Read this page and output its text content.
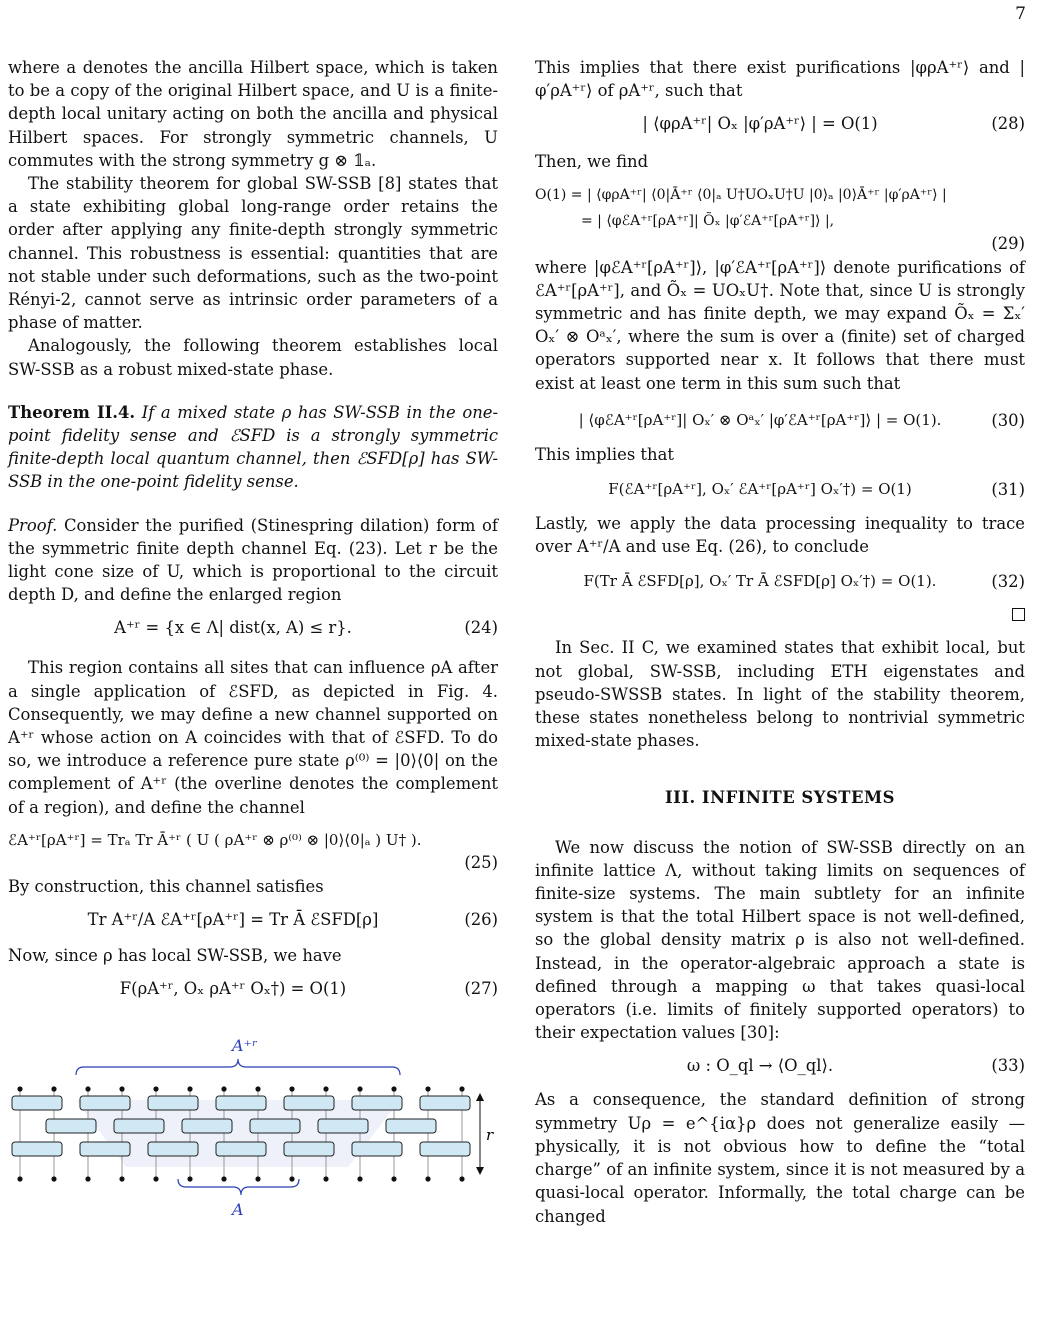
7

where a denotes the ancilla Hilbert space, which is taken to be a copy of the original Hilbert space, and U is a finite-depth local unitary acting on both the ancilla and physical Hilbert spaces. For strongly symmetric channels, U commutes with the strong symmetry g ⊗ 𝟙ₐ.

The stability theorem for global SW-SSB [8] states that a state exhibiting global long-range order retains the order after applying any finite-depth strongly symmetric channel. This robustness is essential: quantities that are not stable under such deformations, such as the two-point Rényi-2, cannot serve as intrinsic order parameters of a phase of matter.

Analogously, the following theorem establishes local SW-SSB as a robust mixed-state phase.

Theorem II.4. If a mixed state ρ has SW-SSB in the one-point fidelity sense and ℰSFD is a strongly symmetric finite-depth local quantum channel, then ℰSFD[ρ] has SW-SSB in the one-point fidelity sense.

Proof. Consider the purified (Stinespring dilation) form of the symmetric finite depth channel Eq. (23). Let r be the light cone size of U, which is proportional to the circuit depth D, and define the enlarged region

A⁺ʳ = {x ∈ Λ| dist(x, A) ≤ r}.	(24)

This region contains all sites that can influence ρA after a single application of ℰSFD, as depicted in Fig. 4. Consequently, we may define a new channel supported on A⁺ʳ whose action on A coincides with that of ℰSFD. To do so, we introduce a reference pure state ρ⁽⁰⁾ = |0⟩⟨0| on the complement of A⁺ʳ (the overline denotes the complement of a region), and define the channel

ℰA⁺ʳ[ρA⁺ʳ] = Trₐ Tr Ā⁺ʳ ( U ( ρA⁺ʳ ⊗ ρ⁽⁰⁾ ⊗ |0⟩⟨0|ₐ ) U† ).
(25)

By construction, this channel satisfies

Tr A⁺ʳ/A ℰA⁺ʳ[ρA⁺ʳ] = Tr Ā ℰSFD[ρ]	(26)

Now, since ρ has local SW-SSB, we have

F(ρA⁺ʳ, Oₓ ρA⁺ʳ Oₓ†) = O(1)	(27)
A⁺ʳ
A
r

This implies that there exist purifications |φρA⁺ʳ⟩ and |φ′ρA⁺ʳ⟩ of ρA⁺ʳ, such that

| ⟨φρA⁺ʳ| Oₓ |φ′ρA⁺ʳ⟩ | = O(1)	(28)

Then, we find

O(1) = | ⟨φρA⁺ʳ| ⟨0|Ā⁺ʳ ⟨0|ₐ U†UOₓU†U |0⟩ₐ |0⟩Ā⁺ʳ |φ′ρA⁺ʳ⟩ |
= | ⟨φℰA⁺ʳ[ρA⁺ʳ]| Õₓ |φ′ℰA⁺ʳ[ρA⁺ʳ]⟩ |,
(29)

where |φℰA⁺ʳ[ρA⁺ʳ]⟩, |φ′ℰA⁺ʳ[ρA⁺ʳ]⟩ denote purifications of ℰA⁺ʳ[ρA⁺ʳ], and Õₓ = UOₓU†. Note that, since U is strongly symmetric and has finite depth, we may expand Õₓ = Σₓ′ Oₓ′ ⊗ Oᵃₓ′, where the sum is over a (finite) set of charged operators supported near x. It follows that there must exist at least one term in this sum such that

| ⟨φℰA⁺ʳ[ρA⁺ʳ]| Oₓ′ ⊗ Oᵃₓ′ |φ′ℰA⁺ʳ[ρA⁺ʳ]⟩ | = O(1).	(30)

This implies that

F(ℰA⁺ʳ[ρA⁺ʳ], Oₓ′ ℰA⁺ʳ[ρA⁺ʳ] Oₓ′†) = O(1)	(31)

Lastly, we apply the data processing inequality to trace over A⁺ʳ/A and use Eq. (26), to conclude

F(Tr Ā ℰSFD[ρ], Oₓ′ Tr Ā ℰSFD[ρ] Oₓ′†) = O(1).	(32)

In Sec. II C, we examined states that exhibit local, but not global, SW-SSB, including ETH eigenstates and pseudo-SWSSB states. In light of the stability theorem, these states nonetheless belong to nontrivial symmetric mixed-state phases.

III. INFINITE SYSTEMS

We now discuss the notion of SW-SSB directly on an infinite lattice Λ, without taking limits on sequences of finite-size systems. The main subtlety for an infinite system is that the total Hilbert space is not well-defined, so the global density matrix ρ is also not well-defined. Instead, in the operator-algebraic approach a state is defined through a mapping ω that takes quasi-local operators (i.e. limits of finitely supported operators) to their expectation values [30]:

ω : O_ql → ⟨O_ql⟩.	(33)

As a consequence, the standard definition of strong symmetry Uρ = e^{iα}ρ does not generalize easily — physically, it is not obvious how to define the “total charge” of an infinite system, since it is not measured by a quasi-local operator. Informally, the total charge can be changed
